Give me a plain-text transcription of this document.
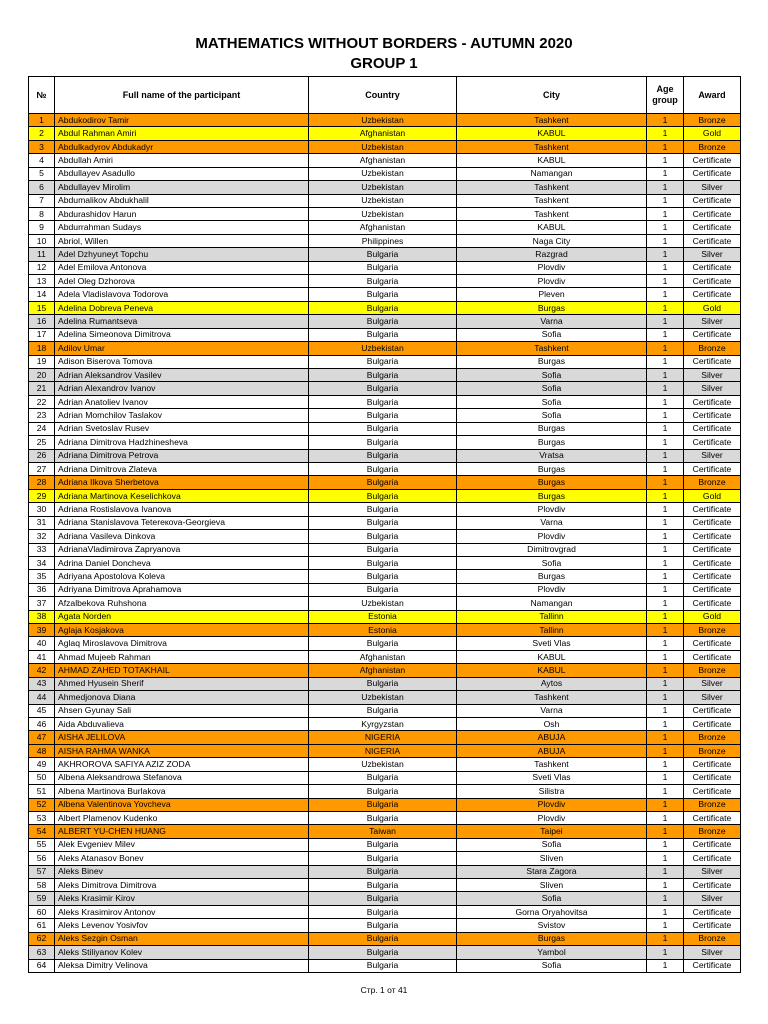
MATHEMATICS WITHOUT BORDERS - AUTUMN 2020
GROUP 1
№	Full name of the participant	Country	City	Age group	Award
1	Abdukodirov Tamir	Uzbekistan	Tashkent	1	Bronze
2	Abdul Rahman Amiri	Afghanistan	KABUL	1	Gold
3	Abdulkadyrov Abdukadyr	Uzbekistan	Tashkent	1	Bronze
4	Abdullah Amiri	Afghanistan	KABUL	1	Certificate
5	Abdullayev Asadullo	Uzbekistan	Namangan	1	Certificate
6	Abdullayev Mirolim	Uzbekistan	Tashkent	1	Silver
7	Abdumalikov Abdukhalil	Uzbekistan	Tashkent	1	Certificate
8	Abdurashidov Harun	Uzbekistan	Tashkent	1	Certificate
9	Abdurrahman Sudays	Afghanistan	KABUL	1	Certificate
10	Abriol, Willen	Philippines	Naga City	1	Certificate
11	Adel Dzhyuneyt Topchu	Bulgaria	Razgrad	1	Silver
12	Adel Emilova Antonova	Bulgaria	Plovdiv	1	Certificate
13	Adel Oleg Dzhorova	Bulgaria	Plovdiv	1	Certificate
14	Adela Vladislavova Todorova	Bulgaria	Pleven	1	Certificate
15	Adelina Dobreva Peneva	Bulgaria	Burgas	1	Gold
16	Adelina Rumantseva	Bulgaria	Varna	1	Silver
17	Adelina Simeonova Dimitrova	Bulgaria	Sofia	1	Certificate
18	Adilov Umar	Uzbekistan	Tashkent	1	Bronze
19	Adison Biserova Tomova	Bulgaria	Burgas	1	Certificate
20	Adrian Aleksandrov Vasilev	Bulgaria	Sofia	1	Silver
21	Adrian Alexandrov Ivanov	Bulgaria	Sofia	1	Silver
22	Adrian Anatoliev Ivanov	Bulgaria	Sofia	1	Certificate
23	Adrian Momchilov Taslakov	Bulgaria	Sofia	1	Certificate
24	Adrian Svetoslav Rusev	Bulgaria	Burgas	1	Certificate
25	Adriana Dimitrova Hadzhinesheva	Bulgaria	Burgas	1	Certificate
26	Adriana Dimitrova Petrova	Bulgaria	Vratsa	1	Silver
27	Adriana Dimitrova Zlateva	Bulgaria	Burgas	1	Certificate
28	Adriana Ilkova Sherbetova	Bulgaria	Burgas	1	Bronze
29	Adriana Martinova Keselichkova	Bulgaria	Burgas	1	Gold
30	Adriana Rostislavova Ivanova	Bulgaria	Plovdiv	1	Certificate
31	Adriana Stanislavova Tetereкova-Georgieva	Bulgaria	Varna	1	Certificate
32	Adriana Vasileva Dinkova	Bulgaria	Plovdiv	1	Certificate
33	AdrianaVladimirova Zapryanova	Bulgaria	Dimitrovgrad	1	Certificate
34	Adrina Daniel Doncheva	Bulgaria	Sofia	1	Certificate
35	Adriyana Apostolova Koleva	Bulgaria	Burgas	1	Certificate
36	Adriyana Dimitrova Aprahamova	Bulgaria	Plovdiv	1	Certificate
37	Afzalbekova Ruhshona	Uzbekistan	Namangan	1	Certificate
38	Agata Norden	Estonia	Tallinn	1	Gold
39	Aglaja Kosjakova	Estonia	Tallinn	1	Bronze
40	Aglaq Miroslavova Dimitrova	Bulgaria	Sveti Vlas	1	Certificate
41	Ahmad Mujeeb Rahman	Afghanistan	KABUL	1	Certificate
42	AHMAD ZAHED TOTAKHAIL	Afghanistan	KABUL	1	Bronze
43	Ahmed Hyusein Sherif	Bulgaria	Aytos	1	Silver
44	Ahmedjonova Diana	Uzbekistan	Tashkent	1	Silver
45	Ahsen Gyunay Sali	Bulgaria	Varna	1	Certificate
46	Aida Abduvalieva	Kyrgyzstan	Osh	1	Certificate
47	AISHA JELILOVA	NIGERIA	ABUJA	1	Bronze
48	AISHA RAHMA WANKA	NIGERIA	ABUJA	1	Bronze
49	AKHROROVA SAFIYA AZIZ ZODA	Uzbekistan	Tashkent	1	Certificate
50	Albena Aleksandrowa Stefanova	Bulgaria	Sveti Vlas	1	Certificate
51	Albena Martinova Burlakova	Bulgaria	Silistra	1	Certificate
52	Albena Valentinova Yovcheva	Bulgaria	Plovdiv	1	Bronze
53	Albert Plamenov Kudenko	Bulgaria	Plovdiv	1	Certificate
54	ALBERT YU-CHEN HUANG	Taiwan	Taipei	1	Bronze
55	Alek Evgeniev Milev	Bulgaria	Sofia	1	Certificate
56	Aleks Atanasov Bonev	Bulgaria	Sliven	1	Certificate
57	Aleks Binev	Bulgaria	Stara Zagora	1	Silver
58	Aleks Dimitrova Dimitrova	Bulgaria	Sliven	1	Certificate
59	Aleks Krasimir Kirov	Bulgaria	Sofia	1	Silver
60	Aleks Krasimirov Antonov	Bulgaria	Gorna Oryahovitsa	1	Certificate
61	Aleks Levenov Yosivfov	Bulgaria	Svistov	1	Certificate
62	Aleks Sezgin Osman	Bulgaria	Burgas	1	Bronze
63	Aleks Stiliyanov Kolev	Bulgaria	Yambol	1	Silver
64	Aleksa Dimitry Velinova	Bulgaria	Sofia	1	Certificate
Стр. 1 от 41
